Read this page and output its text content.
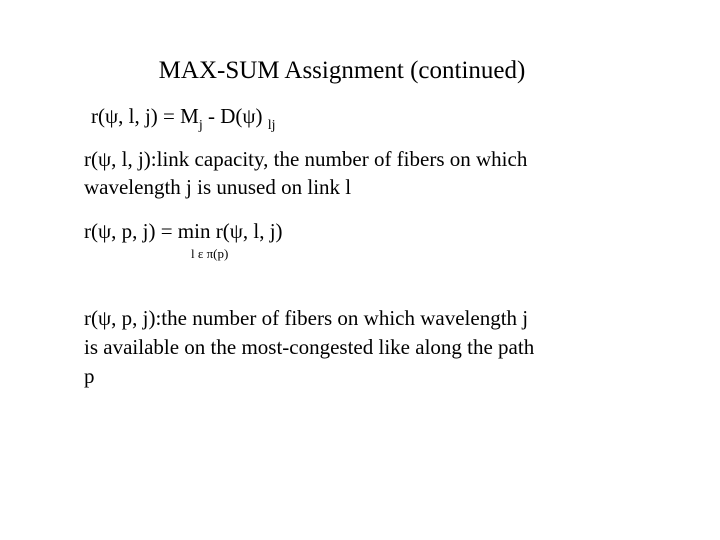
MAX-SUM Assignment (continued)
r(ψ, l, $j) = M_j - D(\psi)$ $_{lj}$
r(ψ, l, j):link capacity, the number of fibers on which
wavelength j is unused on link l
r(ψ, p, j) = min r(ψ, l, j)
l ε π(p)
r(ψ, p, j):the number of fibers on which wavelength j
is available on the most-congested like along the path
p
